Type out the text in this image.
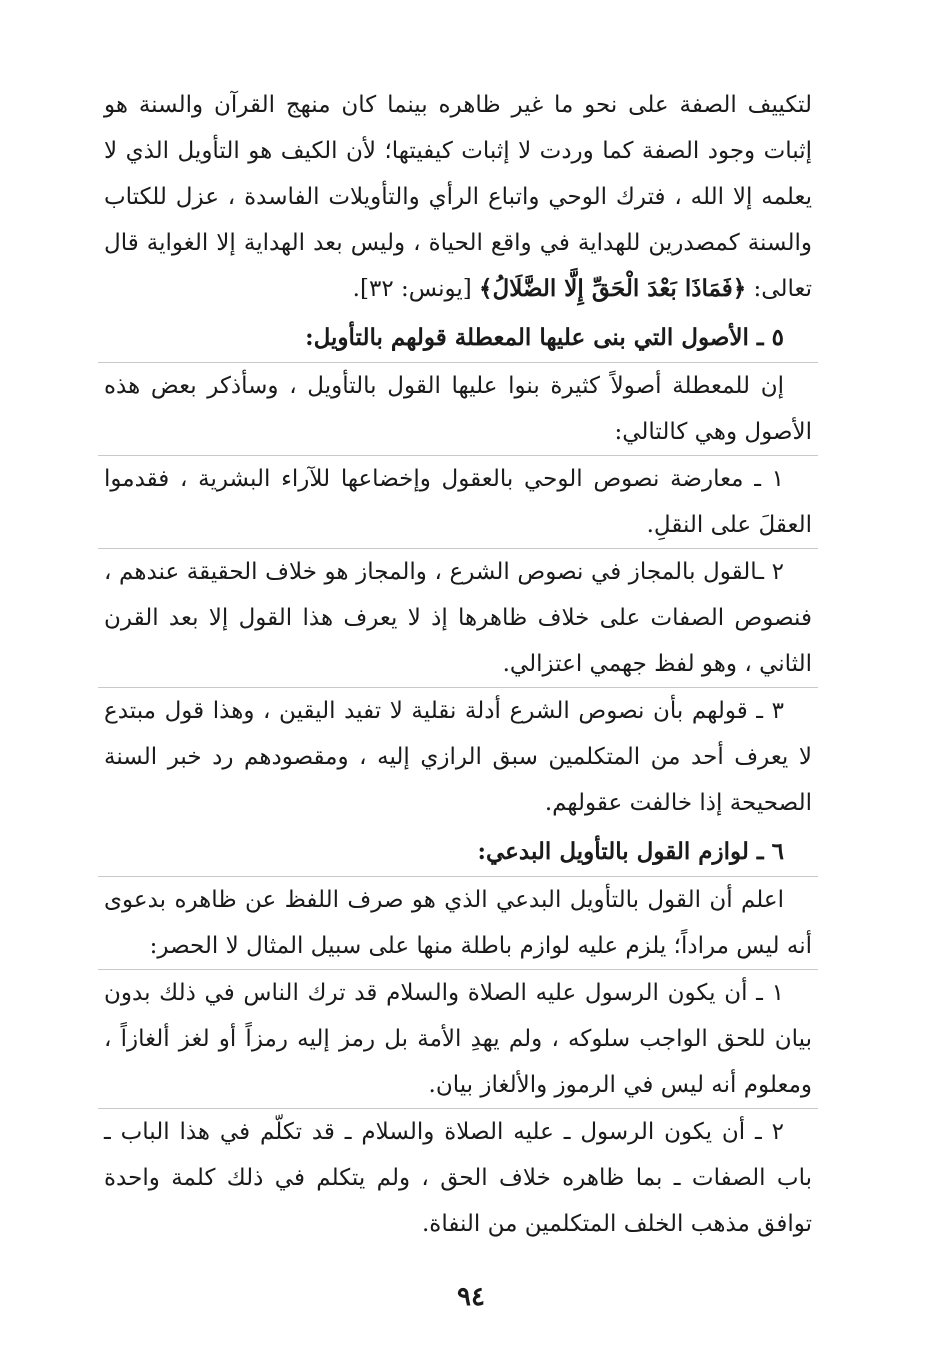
لتكييف الصفة على نحو ما غير ظاهره بينما كان منهج القرآن والسنة هو إثبات وجود الصفة كما وردت لا إثبات كيفيتها؛ لأن الكيف هو التأويل الذي لا يعلمه إلا الله ، فترك الوحي واتباع الرأي والتأويلات الفاسدة ، عزل للكتاب والسنة كمصدرين للهداية في واقع الحياة ، وليس بعد الهداية إلا الغواية قال تعالى: ﴿فَمَاذَا بَعْدَ الْحَقِّ إِلَّا الضَّلَالُ﴾ [يونس: ٣٢].

٥ ـ الأصول التي بنى عليها المعطلة قولهم بالتأويل:

إن للمعطلة أصولاً كثيرة بنوا عليها القول بالتأويل ، وسأذكر بعض هذه الأصول وهي كالتالي:

١ ـ معارضة نصوص الوحي بالعقول وإخضاعها للآراء البشرية ، فقدموا العقلَ على النقلِ.

٢ ـالقول بالمجاز في نصوص الشرع ، والمجاز هو خلاف الحقيقة عندهم ، فنصوص الصفات على خلاف ظاهرها إذ لا يعرف هذا القول إلا بعد القرن الثاني ، وهو لفظ جهمي اعتزالي.

٣ ـ قولهم بأن نصوص الشرع أدلة نقلية لا تفيد اليقين ، وهذا قول مبتدع لا يعرف أحد من المتكلمين سبق الرازي إليه ، ومقصودهم رد خبر السنة الصحيحة إذا خالفت عقولهم.

٦ ـ لوازم القول بالتأويل البدعي:

اعلم أن القول بالتأويل البدعي الذي هو صرف اللفظ عن ظاهره بدعوى أنه ليس مراداً؛ يلزم عليه لوازم باطلة منها على سبيل المثال لا الحصر:

١ ـ أن يكون الرسول عليه الصلاة والسلام قد ترك الناس في ذلك بدون بيان للحق الواجب سلوكه ، ولم يهدِ الأمة بل رمز إليه رمزاً أو لغز ألغازاً ، ومعلوم أنه ليس في الرموز والألغاز بيان.

٢ ـ أن يكون الرسول ـ عليه الصلاة والسلام ـ قد تكلّم في هذا الباب ـ باب الصفات ـ بما ظاهره خلاف الحق ، ولم يتكلم في ذلك كلمة واحدة توافق مذهب الخلف المتكلمين من النفاة.

٩٤
